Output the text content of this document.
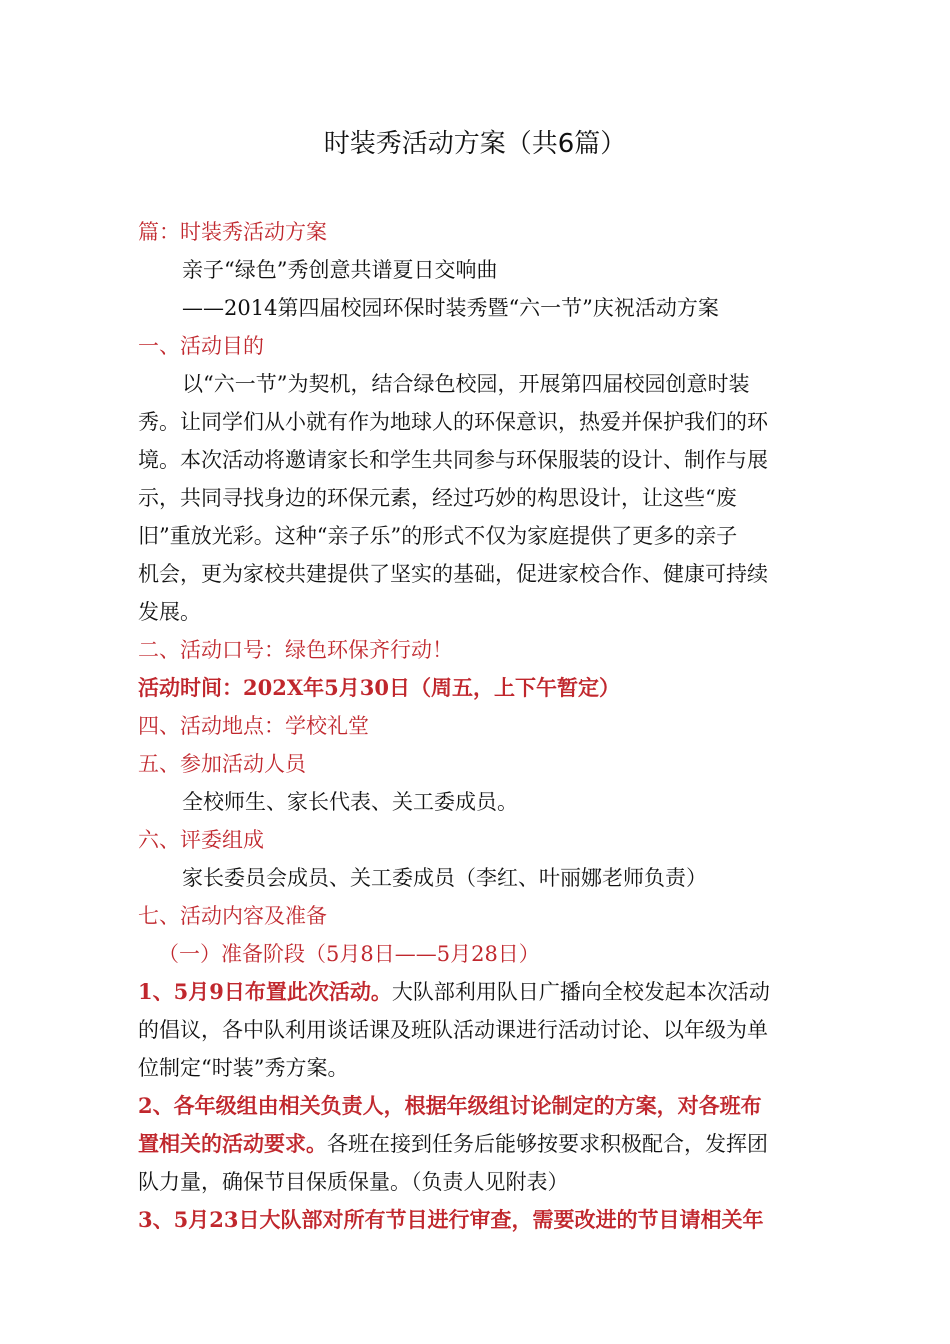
时装秀活动方案（共6篇）
篇：时装秀活动方案
亲子“绿色”秀创意共谱夏日交响曲
——2014第四届校园环保时装秀暨“六一节”庆祝活动方案
一、活动目的
以“六一节”为契机，结合绿色校园，开展第四届校园创意时装
秀。让同学们从小就有作为地球人的环保意识，热爱并保护我们的环
境。本次活动将邀请家长和学生共同参与环保服装的设计、制作与展
示，共同寻找身边的环保元素，经过巧妙的构思设计，让这些“废
旧”重放光彩。这种“亲子乐”的形式不仅为家庭提供了更多的亲子
机会，更为家校共建提供了坚实的基础，促进家校合作、健康可持续
发展。
二、活动口号：绿色环保齐行动！
活动时间：202X年5月30日（周五，上下午暂定）
四、活动地点：学校礼堂
五、参加活动人员
全校师生、家长代表、关工委成员。
六、评委组成
家长委员会成员、关工委成员（李红、叶丽娜老师负责）
七、活动内容及准备
（一）准备阶段（5月8日——5月28日）
1、5月9日布置此次活动。大队部利用队日广播向全校发起本次活动
的倡议，各中队利用谈话课及班队活动课进行活动讨论、以年级为单
位制定“时装”秀方案。
2、各年级组由相关负责人，根据年级组讨论制定的方案，对各班布
置相关的活动要求。各班在接到任务后能够按要求积极配合，发挥团
队力量，确保节目保质保量。（负责人见附表）
3、5月23日大队部对所有节目进行审查，需要改进的节目请相关年
